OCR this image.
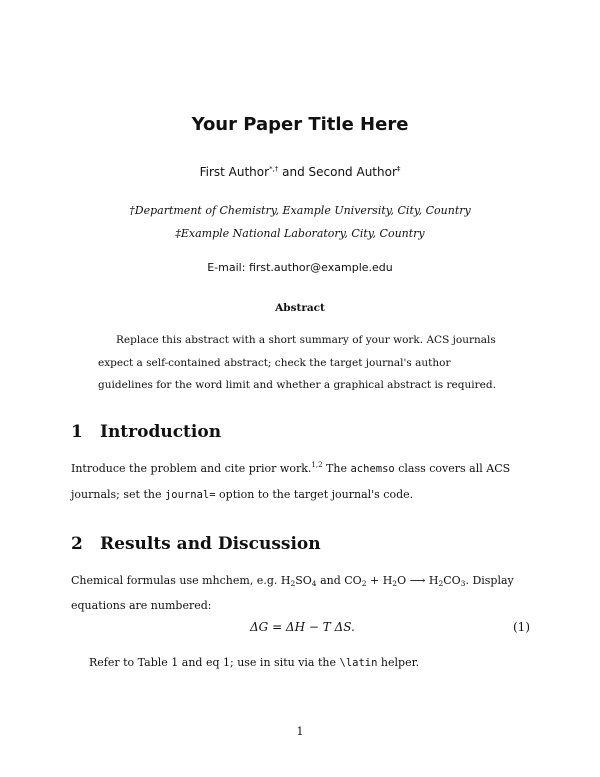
Your Paper Title Here
First Author*,† and Second Author‡
†Department of Chemistry, Example University, City, Country
‡Example National Laboratory, City, Country
E-mail: first.author@example.edu
Abstract
Replace this abstract with a short summary of your work. ACS journals expect a self-contained abstract; check the target journal's author guidelines for the word limit and whether a graphical abstract is required.
1 Introduction
Introduce the problem and cite prior work.$^{1,2}$ The achemso class covers all ACS journals; set the journal= option to the target journal's code.
2 Results and Discussion
Chemical formulas use mhchem, e.g. $H_2SO_4$ and $CO_2 + H_2O$ ⟶ $H_2CO_3$. Display equations are numbered:
ΔG = ΔH − T ΔS.	(1)
Refer to Table 1 and eq 1; use in situ via the \latin helper.
1
